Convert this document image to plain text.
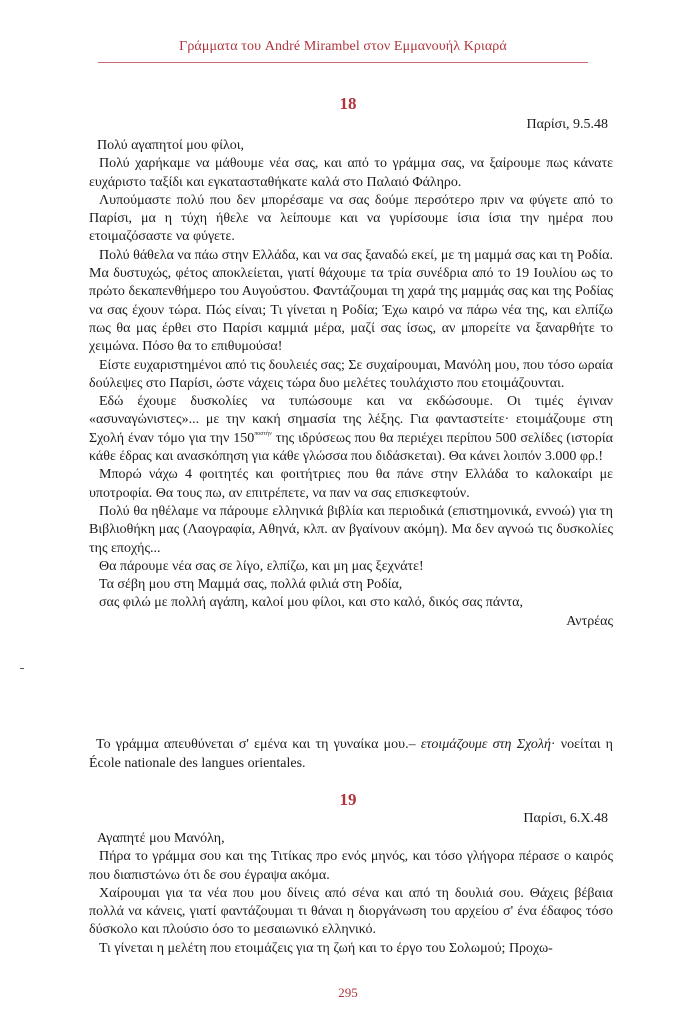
Γράμματα του André Mirambel στον Εμμανουήλ Κριαρά
18
Παρίσι, 9.5.48

Πολύ αγαπητοί μου φίλοι,

Πολύ χαρήκαμε να μάθουμε νέα σας, και από το γράμμα σας, να ξαίρουμε πως κάνατε ευχάριστο ταξίδι και εγκατασταθήκατε καλά στο Παλαιό Φάληρο.

Λυπούμαστε πολύ που δεν μπορέσαμε να σας δούμε περσότερο πριν να φύγετε από το Παρίσι, μα η τύχη ήθελε να λείπουμε και να γυρίσουμε ίσια ίσια την ημέρα που ετοιμαζόσαστε να φύγετε.

Πολύ θάθελα να πάω στην Ελλάδα, και να σας ξαναδώ εκεί, με τη μαμμά σας και τη Ροδία. Μα δυστυχώς, φέτος αποκλείεται, γιατί θάχουμε τα τρία συνέδρια από το 19 Ιουλίου ως το πρώτο δεκαπενθήμερο του Αυγούστου. Φαντάζουμαι τη χαρά της μαμμάς σας και της Ροδίας να σας έχουν τώρα. Πώς είναι; Τι γίνεται η Ροδία; Έχω καιρό να πάρω νέα της, και ελπίζω πως θα μας έρθει στο Παρίσι καμμιά μέρα, μαζί σας ίσως, αν μπορείτε να ξαναρθήτε το χειμώνα. Πόσο θα το επιθυμούσα!

Είστε ευχαριστημένοι από τις δουλειές σας; Σε συχαίρουμαι, Μανόλη μου, που τόσο ωραία δούλεψες στο Παρίσι, ώστε νάχεις τώρα δυο μελέτες τουλάχιστο που ετοιμάζουνται.

Εδώ έχουμε δυσκολίες να τυπώσουμε και να εκδώσουμε. Οι τιμές έγιναν «ασυναγώνιστες»... με την κακή σημασία της λέξης. Για φανταστείτε· ετοιμάζουμε στη Σχολή έναν τόμο για την $150^{\pi o\sigma\tau ή\nu}$ της ιδρύσεως που θα περιέχει περίπου 500 σελίδες (ιστορία κάθε έδρας και ανασκόπηση για κάθε γλώσσα που διδάσκεται). Θα κάνει λοιπόν 3.000 φρ.!

Μπορώ νάχω 4 φοιτητές και φοιτήτριες που θα πάνε στην Ελλάδα το καλοκαίρι με υποτροφία. Θα τους πω, αν επιτρέπετε, να παν να σας επισκεφτούν.

Πολύ θα ηθέλαμε να πάρουμε ελληνικά βιβλία και περιοδικά (επιστημονικά, εννοώ) για τη Βιβλιοθήκη μας (Λαογραφία, Αθηνά, κλπ. αν βγαίνουν ακόμη). Μα δεν αγνοώ τις δυσκολίες της εποχής...

Θα πάρουμε νέα σας σε λίγο, ελπίζω, και μη μας ξεχνάτε!

Τα σέβη μου στη Μαμμά σας, πολλά φιλιά στη Ροδία,

σας φιλώ με πολλή αγάπη, καλοί μου φίλοι, και στο καλό, δικός σας πάντα,

Αντρέας

Το γράμμα απευθύνεται σ' εμένα και τη γυναίκα μου.– ετοιμάζουμε στη Σχολή· νοείται η École nationale des langues orientales.

19
Παρίσι, 6.X.48

Αγαπητέ μου Μανόλη,

Πήρα το γράμμα σου και της Τιτίκας προ ενός μηνός, και τόσο γλήγορα πέρασε ο καιρός που διαπιστώνω ότι δε σου έγραψα ακόμα.

Χαίρουμαι για τα νέα που μου δίνεις από σένα και από τη δουλιά σου. Θάχεις βέβαια πολλά να κάνεις, γιατί φαντάζουμαι τι θάναι η διοργάνωση του αρχείου σ' ένα έδαφος τόσο δύσκολο και πλούσιο όσο το μεσαιωνικό ελληνικό.

Τι γίνεται η μελέτη που ετοιμάζεις για τη ζωή και το έργο του Σολωμού; Προχω-

295
